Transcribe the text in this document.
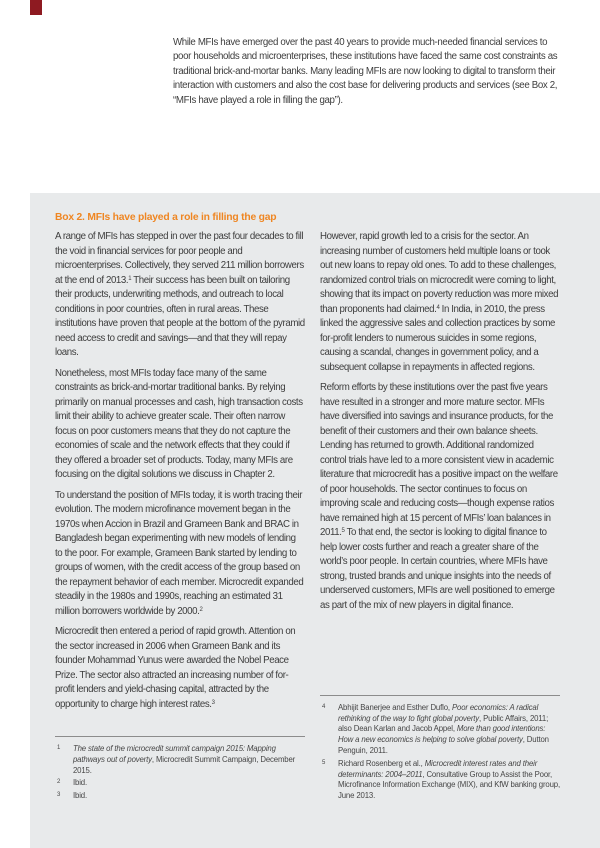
While MFIs have emerged over the past 40 years to provide much-needed financial services to poor households and microenterprises, these institutions have faced the same cost constraints as traditional brick-and-mortar banks. Many leading MFIs are now looking to digital to transform their interaction with customers and also the cost base for delivering products and services (see Box 2, “MFIs have played a role in filling the gap”).

Box 2. MFIs have played a role in filling the gap

A range of MFIs has stepped in over the past four decades to fill the void in financial services for poor people and microenterprises. Collectively, they served 211 million borrowers at the end of 2013.$^1$ Their success has been built on tailoring their products, underwriting methods, and outreach to local conditions in poor countries, often in rural areas. These institutions have proven that people at the bottom of the pyramid need access to credit and savings—and that they will repay loans.

Nonetheless, most MFIs today face many of the same constraints as brick-and-mortar traditional banks. By relying primarily on manual processes and cash, high transaction costs limit their ability to achieve greater scale. Their often narrow focus on poor customers means that they do not capture the economies of scale and the network effects that they could if they offered a broader set of products. Today, many MFIs are focusing on the digital solutions we discuss in Chapter 2.

To understand the position of MFIs today, it is worth tracing their evolution. The modern microfinance movement began in the 1970s when Accion in Brazil and Grameen Bank and BRAC in Bangladesh began experimenting with new models of lending to the poor. For example, Grameen Bank started by lending to groups of women, with the credit access of the group based on the repayment behavior of each member. Microcredit expanded steadily in the 1980s and 1990s, reaching an estimated 31 million borrowers worldwide by 2000.$^2$

Microcredit then entered a period of rapid growth. Attention on the sector increased in 2006 when Grameen Bank and its founder Mohammad Yunus were awarded the Nobel Peace Prize. The sector also attracted an increasing number of for-profit lenders and yield-chasing capital, attracted by the opportunity to charge high interest rates.$^3$

1	The state of the microcredit summit campaign 2015: Mapping pathways out of poverty, Microcredit Summit Campaign, December 2015.
2	Ibid.
3	Ibid.

However, rapid growth led to a crisis for the sector. An increasing number of customers held multiple loans or took out new loans to repay old ones. To add to these challenges, randomized control trials on microcredit were coming to light, showing that its impact on poverty reduction was more mixed than proponents had claimed.$^4$ In India, in 2010, the press linked the aggressive sales and collection practices by some for-profit lenders to numerous suicides in some regions, causing a scandal, changes in government policy, and a subsequent collapse in repayments in affected regions.

Reform efforts by these institutions over the past five years have resulted in a stronger and more mature sector. MFIs have diversified into savings and insurance products, for the benefit of their customers and their own balance sheets. Lending has returned to growth. Additional randomized control trials have led to a more consistent view in academic literature that microcredit has a positive impact on the welfare of poor households. The sector continues to focus on improving scale and reducing costs—though expense ratios have remained high at 15 percent of MFIs’ loan balances in 2011.$^5$ To that end, the sector is looking to digital finance to help lower costs further and reach a greater share of the world’s poor people. In certain countries, where MFIs have strong, trusted brands and unique insights into the needs of underserved customers, MFIs are well positioned to emerge as part of the mix of new players in digital finance.

4	Abhijit Banerjee and Esther Duflo, Poor economics: A radical rethinking of the way to fight global poverty, Public Affairs, 2011; also Dean Karlan and Jacob Appel, More than good intentions: How a new economics is helping to solve global poverty, Dutton Penguin, 2011.
5	Richard Rosenberg et al., Microcredit interest rates and their determinants: 2004–2011, Consultative Group to Assist the Poor, Microfinance Information Exchange (MIX), and KfW banking group, June 2013.
